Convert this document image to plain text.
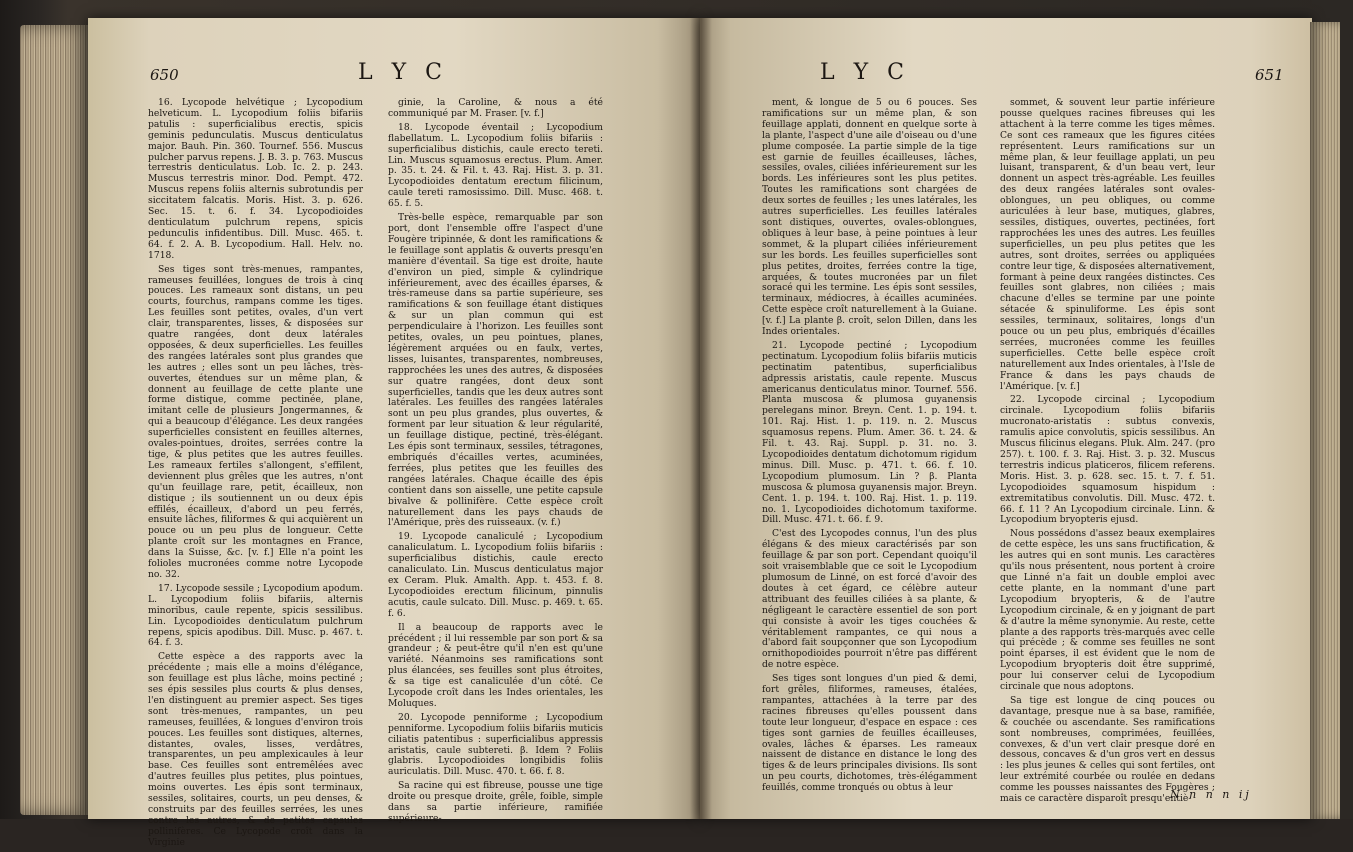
650	L Y C

16. Lycopode helvétique ; Lycopodium helveticum. L. Lycopodium foliis bifariis patulis : superficialibus erectis, spicis geminis pedunculatis. Muscus denticulatus major. Bauh. Pin. 360. Tournef. 556. Muscus pulcher parvus repens. J. B. 3. p. 763. Muscus terrestris denticulatus. Lob. Ic. 2. p. 243. Muscus terrestris minor. Dod. Pempt. 472. Muscus repens foliis alternis subrotundis per siccitatem falcatis. Moris. Hist. 3. p. 626. Sec. 15. t. 6. f. 34. Lycopodioides denticulatum pulchrum repens, spicis pedunculis infidentibus. Dill. Musc. 465. t. 64. f. 2. A. B. Lycopodium. Hall. Helv. no. 1718.

Ses tiges sont très-menues, rampantes, rameuses feuillées, longues de trois à cinq pouces. Les rameaux sont distans, un peu courts, fourchus, rampans comme les tiges. Les feuilles sont petites, ovales, d'un vert clair, transparentes, lisses, & disposées sur quatre rangées, dont deux latérales opposées, & deux superficielles. Les feuilles des rangées latérales sont plus grandes que les autres ; elles sont un peu lâches, très-ouvertes, étendues sur un même plan, & donnent au feuillage de cette plante une forme distique, comme pectinée, plane, imitant celle de plusieurs Jongermannes, & qui a beaucoup d'élégance. Les deux rangées superficielles consistent en feuilles alternes, ovales-pointues, droites, serrées contre la tige, & plus petites que les autres feuilles. Les rameaux fertiles s'allongent, s'effilent, deviennent plus grêles que les autres, n'ont qu'un feuillage rare, petit, écailleux, non distique ; ils soutiennent un ou deux épis effilés, écailleux, d'abord un peu ferrés, ensuite lâches, filiformes & qui acquièrent un pouce ou un peu plus de longueur. Cette plante croît sur les montagnes en France, dans la Suisse, &c. [v. f.] Elle n'a point les folioles mucronées comme notre Lycopode no. 32.

17. Lycopode sessile ; Lycopodium apodum. L. Lycopodium foliis bifariis, alternis minoribus, caule repente, spicis sessilibus. Lin. Lycopodioides denticulatum pulchrum repens, spicis apodibus. Dill. Musc. p. 467. t. 64. f. 3.

Cette espèce a des rapports avec la précédente ; mais elle a moins d'élégance, son feuillage est plus lâche, moins pectiné ; ses épis sessiles plus courts & plus denses, l'en distinguent au premier aspect. Ses tiges sont très-menues, rampantes, un peu rameuses, feuillées, & longues d'environ trois pouces. Les feuilles sont distiques, alternes, distantes, ovales, lisses, verdâtres, transparentes, un peu amplexicaules à leur base. Ces feuilles sont entremêlées avec d'autres feuilles plus petites, plus pointues, moins ouvertes. Les épis sont terminaux, sessiles, solitaires, courts, un peu denses, & construits par des feuilles serrées, les unes contre les autres, & de petites capsules pollinifères. Ce Lycopode croît dans la Virginie

ginie, la Caroline, & nous a été communiqué par M. Fraser. [v. f.]

18. Lycopode éventail ; Lycopodium flabellatum. L. Lycopodium foliis bifariis : superficialibus distichis, caule erecto tereti. Lin. Muscus squamosus erectus. Plum. Amer. p. 35. t. 24. & Fil. t. 43. Raj. Hist. 3. p. 31. Lycopodioides dentatum erectum filicinum, caule tereti ramosissimo. Dill. Musc. 468. t. 65. f. 5.

Très-belle espèce, remarquable par son port, dont l'ensemble offre l'aspect d'une Fougère tripinnée, & dont les ramifications & le feuillage sont applatis & ouverts presqu'en manière d'éventail. Sa tige est droite, haute d'environ un pied, simple & cylindrique inférieurement, avec des écailles éparses, & très-rameuse dans sa partie supérieure, ses ramifications & son feuillage étant distiques & sur un plan commun qui est perpendiculaire à l'horizon. Les feuilles sont petites, ovales, un peu pointues, planes, légèrement arquées ou en faulx, vertes, lisses, luisantes, transparentes, nombreuses, rapprochées les unes des autres, & disposées sur quatre rangées, dont deux sont superficielles, tandis que les deux autres sont latérales. Les feuilles des rangées latérales sont un peu plus grandes, plus ouvertes, & forment par leur situation & leur régularité, un feuillage distique, pectiné, très-élégant. Les épis sont terminaux, sessiles, tétragones, embriqués d'écailles vertes, acuminées, ferrées, plus petites que les feuilles des rangées latérales. Chaque écaille des épis contient dans son aisselle, une petite capsule bivalve & pollinifère. Cette espèce croît naturellement dans les pays chauds de l'Amérique, près des ruisseaux. (v. f.)

19. Lycopode canaliculé ; Lycopodium canaliculatum. L. Lycopodium foliis bifariis : superficialibus distichis, caule erecto canaliculato. Lin. Muscus denticulatus major ex Ceram. Pluk. Amalth. App. t. 453. f. 8. Lycopodioides erectum filicinum, pinnulis acutis, caule sulcato. Dill. Musc. p. 469. t. 65. f. 6.

Il a beaucoup de rapports avec le précédent ; il lui ressemble par son port & sa grandeur ; & peut-être qu'il n'en est qu'une variété. Néanmoins ses ramifications sont plus élancées, ses feuilles sont plus étroites, & sa tige est canaliculée d'un côté. Ce Lycopode croît dans les Indes orientales, les Moluques.

20. Lycopode penniforme ; Lycopodium penniforme. Lycopodium foliis bifariis muticis ciliatis patentibus : superficialibus appressis aristatis, caule subtereti. β. Idem ? Foliis glabris. Lycopodioides longibidis foliis auriculatis. Dill. Musc. 470. t. 66. f. 8.

Sa racine qui est fibreuse, pousse une tige droite ou presque droite, grêle, foible, simple dans sa partie inférieure, ramifiée supérieure-

L Y C	651

ment, & longue de 5 ou 6 pouces. Ses ramifications sur un même plan, & son feuillage applati, donnent en quelque sorte à la plante, l'aspect d'une aile d'oiseau ou d'une plume composée. La partie simple de la tige est garnie de feuilles écailleuses, lâches, sessiles, ovales, ciliées inférieurement sur les bords. Les inférieures sont les plus petites. Toutes les ramifications sont chargées de deux sortes de feuilles ; les unes latérales, les autres superficielles. Les feuilles latérales sont distiques, ouvertes, ovales-oblongues, obliques à leur base, à peine pointues à leur sommet, & la plupart ciliées inférieurement sur les bords. Les feuilles superficielles sont plus petites, droites, ferrées contre la tige, arquées, & toutes mucronées par un filet soracé qui les termine. Les épis sont sessiles, terminaux, médiocres, à écailles acuminées. Cette espèce croît naturellement à la Guiane. [v. f.] La plante β. croît, selon Dillen, dans les Indes orientales.

21. Lycopode pectiné ; Lycopodium pectinatum. Lycopodium foliis bifariis muticis pectinatim patentibus, superficialibus adpressis aristatis, caule repente. Muscus americanus denticulatus minor. Tournef. 556. Planta muscosa & plumosa guyanensis perelegans minor. Breyn. Cent. 1. p. 194. t. 101. Raj. Hist. 1. p. 119. n. 2. Muscus squamosus repens. Plum. Amer. 36. t. 24. & Fil. t. 43. Raj. Suppl. p. 31. no. 3. Lycopodioides dentatum dichotomum rigidum minus. Dill. Musc. p. 471. t. 66. f. 10. Lycopodium plumosum. Lin ? β. Planta muscosa & plumosa guyanensis major. Breyn. Cent. 1. p. 194. t. 100. Raj. Hist. 1. p. 119. no. 1. Lycopodioides dichotomum taxiforme. Dill. Musc. 471. t. 66. f. 9.

C'est des Lycopodes connus, l'un des plus élégans & des mieux caractérisés par son feuillage & par son port. Cependant quoiqu'il soit vraisemblable que ce soit le Lycopodium plumosum de Linné, on est forcé d'avoir des doutes à cet égard, ce célèbre auteur attribuant des feuilles ciliées à sa plante, & négligeant le caractère essentiel de son port qui consiste à avoir les tiges couchées & véritablement rampantes, ce qui nous a d'abord fait soupçonner que son Lycopodium ornithopodioides pourroit n'être pas différent de notre espèce.

Ses tiges sont longues d'un pied & demi, fort grêles, filiformes, rameuses, étalées, rampantes, attachées à la terre par des racines fibreuses qu'elles poussent dans toute leur longueur, d'espace en espace : ces tiges sont garnies de feuilles écailleuses, ovales, lâches & éparses. Les rameaux naissent de distance en distance le long des tiges & de leurs principales divisions. Ils sont un peu courts, dichotomes, très-élégamment feuillés, comme tronqués ou obtus à leur

sommet, & souvent leur partie inférieure pousse quelques racines fibreuses qui les attachent à la terre comme les tiges mêmes. Ce sont ces rameaux que les figures citées représentent. Leurs ramifications sur un même plan, & leur feuillage applati, un peu luisant, transparent, & d'un beau vert, leur donnent un aspect très-agréable. Les feuilles des deux rangées latérales sont ovales-oblongues, un peu obliques, ou comme auriculées à leur base, mutiques, glabres, sessiles, distiques, ouvertes, pectinées, fort rapprochées les unes des autres. Les feuilles superficielles, un peu plus petites que les autres, sont droites, serrées ou appliquées contre leur tige, & disposées alternativement, formant à peine deux rangées distinctes. Ces feuilles sont glabres, non ciliées ; mais chacune d'elles se termine par une pointe sétacée & spinuliforme. Les épis sont sessiles, terminaux, solitaires, longs d'un pouce ou un peu plus, embriqués d'écailles serrées, mucronées comme les feuilles superficielles. Cette belle espèce croît naturellement aux Indes orientales, à l'Isle de France & dans les pays chauds de l'Amérique. [v. f.]

22. Lycopode circinal ; Lycopodium circinale. Lycopodium foliis bifariis mucronato-aristatis : subtus convexis, ramulis apice convolutis, spicis sessilibus. An Muscus filicinus elegans. Pluk. Alm. 247. (pro 257). t. 100. f. 3. Raj. Hist. 3. p. 32. Muscus terrestris indicus platiceros, filicem referens. Moris. Hist. 3. p. 628. sec. 15. t. 7. f. 51. Lycopodioides squamosum hispidum : extremitatibus convolutis. Dill. Musc. 472. t. 66. f. 11 ? An Lycopodium circinale. Linn. & Lycopodium bryopteris ejusd.

Nous possédons d'assez beaux exemplaires de cette espèce, les uns sans fructification, & les autres qui en sont munis. Les caractères qu'ils nous présentent, nous portent à croire que Linné n'a fait un double emploi avec cette plante, en la nommant d'une part Lycopodium bryopteris, & de l'autre Lycopodium circinale, & en y joignant de part & d'autre la même synonymie. Au reste, cette plante a des rapports très-marqués avec celle qui précède ; & comme ses feuilles ne sont point éparses, il est évident que le nom de Lycopodium bryopteris doit être supprimé, pour lui conserver celui de Lycopodium circinale que nous adoptons.

Sa tige est longue de cinq pouces ou davantage, presque nue à sa base, ramifiée, & couchée ou ascendante. Ses ramifications sont nombreuses, comprimées, feuillées, convexes, & d'un vert clair presque doré en dessous, concaves & d'un gros vert en dessus : les plus jeunes & celles qui sont fertiles, ont leur extrémité courbée ou roulée en dedans comme les pousses naissantes des Fougères ; mais ce caractère disparoît presqu'entiè-

N n n n ij
